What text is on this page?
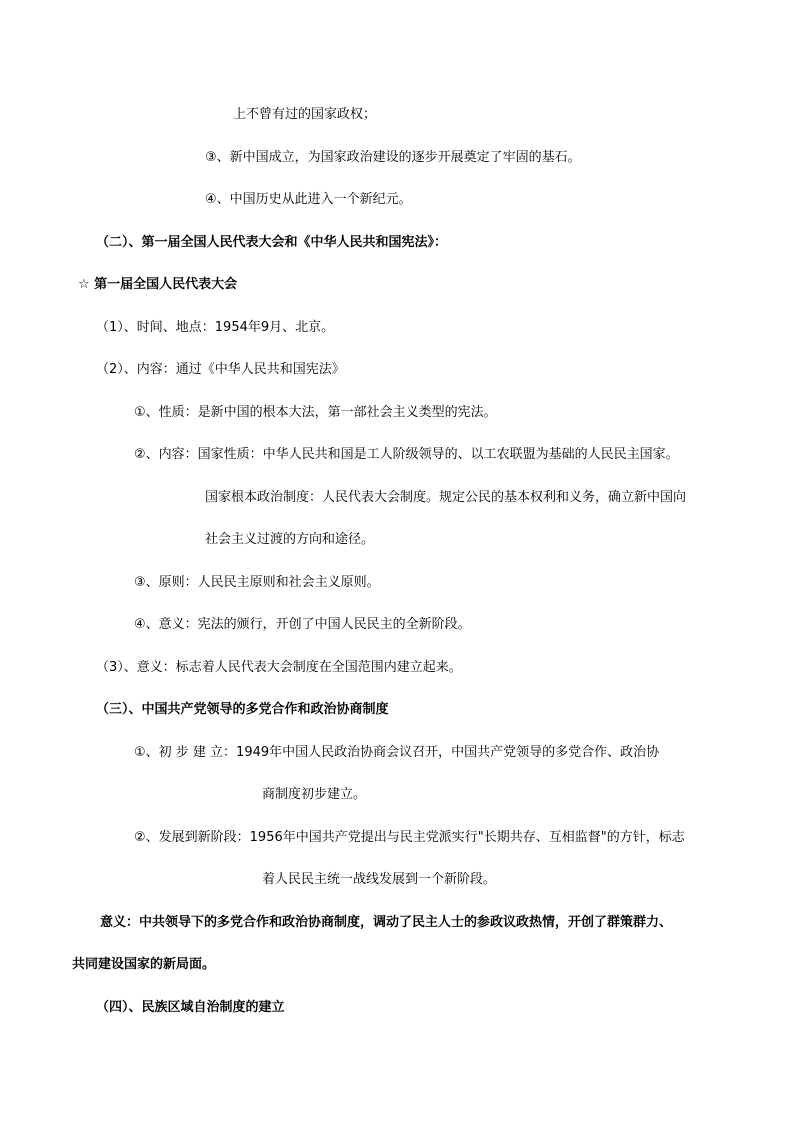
上不曾有过的国家政权；
③、新中国成立，为国家政治建设的逐步开展奠定了牢固的基石。
④、中国历史从此进入一个新纪元。
（二）、第一届全国人民代表大会和《中华人民共和国宪法》：
☆ 第一届全国人民代表大会
（1）、时间、地点：1954年9月、北京。
（2）、内容：通过《中华人民共和国宪法》
①、性质：是新中国的根本大法，第一部社会主义类型的宪法。
②、内容：国家性质：中华人民共和国是工人阶级领导的、以工农联盟为基础的人民民主国家。
国家根本政治制度：人民代表大会制度。规定公民的基本权利和义务，确立新中国向
社会主义过渡的方向和途径。
③、原则：人民民主原则和社会主义原则。
④、意义：宪法的颁行，开创了中国人民民主的全新阶段。
（3）、意义：标志着人民代表大会制度在全国范围内建立起来。
（三）、中国共产党领导的多党合作和政治协商制度
①、初 步 建 立：1949年中国人民政治协商会议召开，中国共产党领导的多党合作、政治协
商制度初步建立。
②、发展到新阶段：1956年中国共产党提出与民主党派实行"长期共存、互相监督"的方针，标志
着人民民主统一战线发展到一个新阶段。
意义：中共领导下的多党合作和政治协商制度，调动了民主人士的参政议政热情，开创了群策群力、
共同建设国家的新局面。
（四）、民族区域自治制度的建立
